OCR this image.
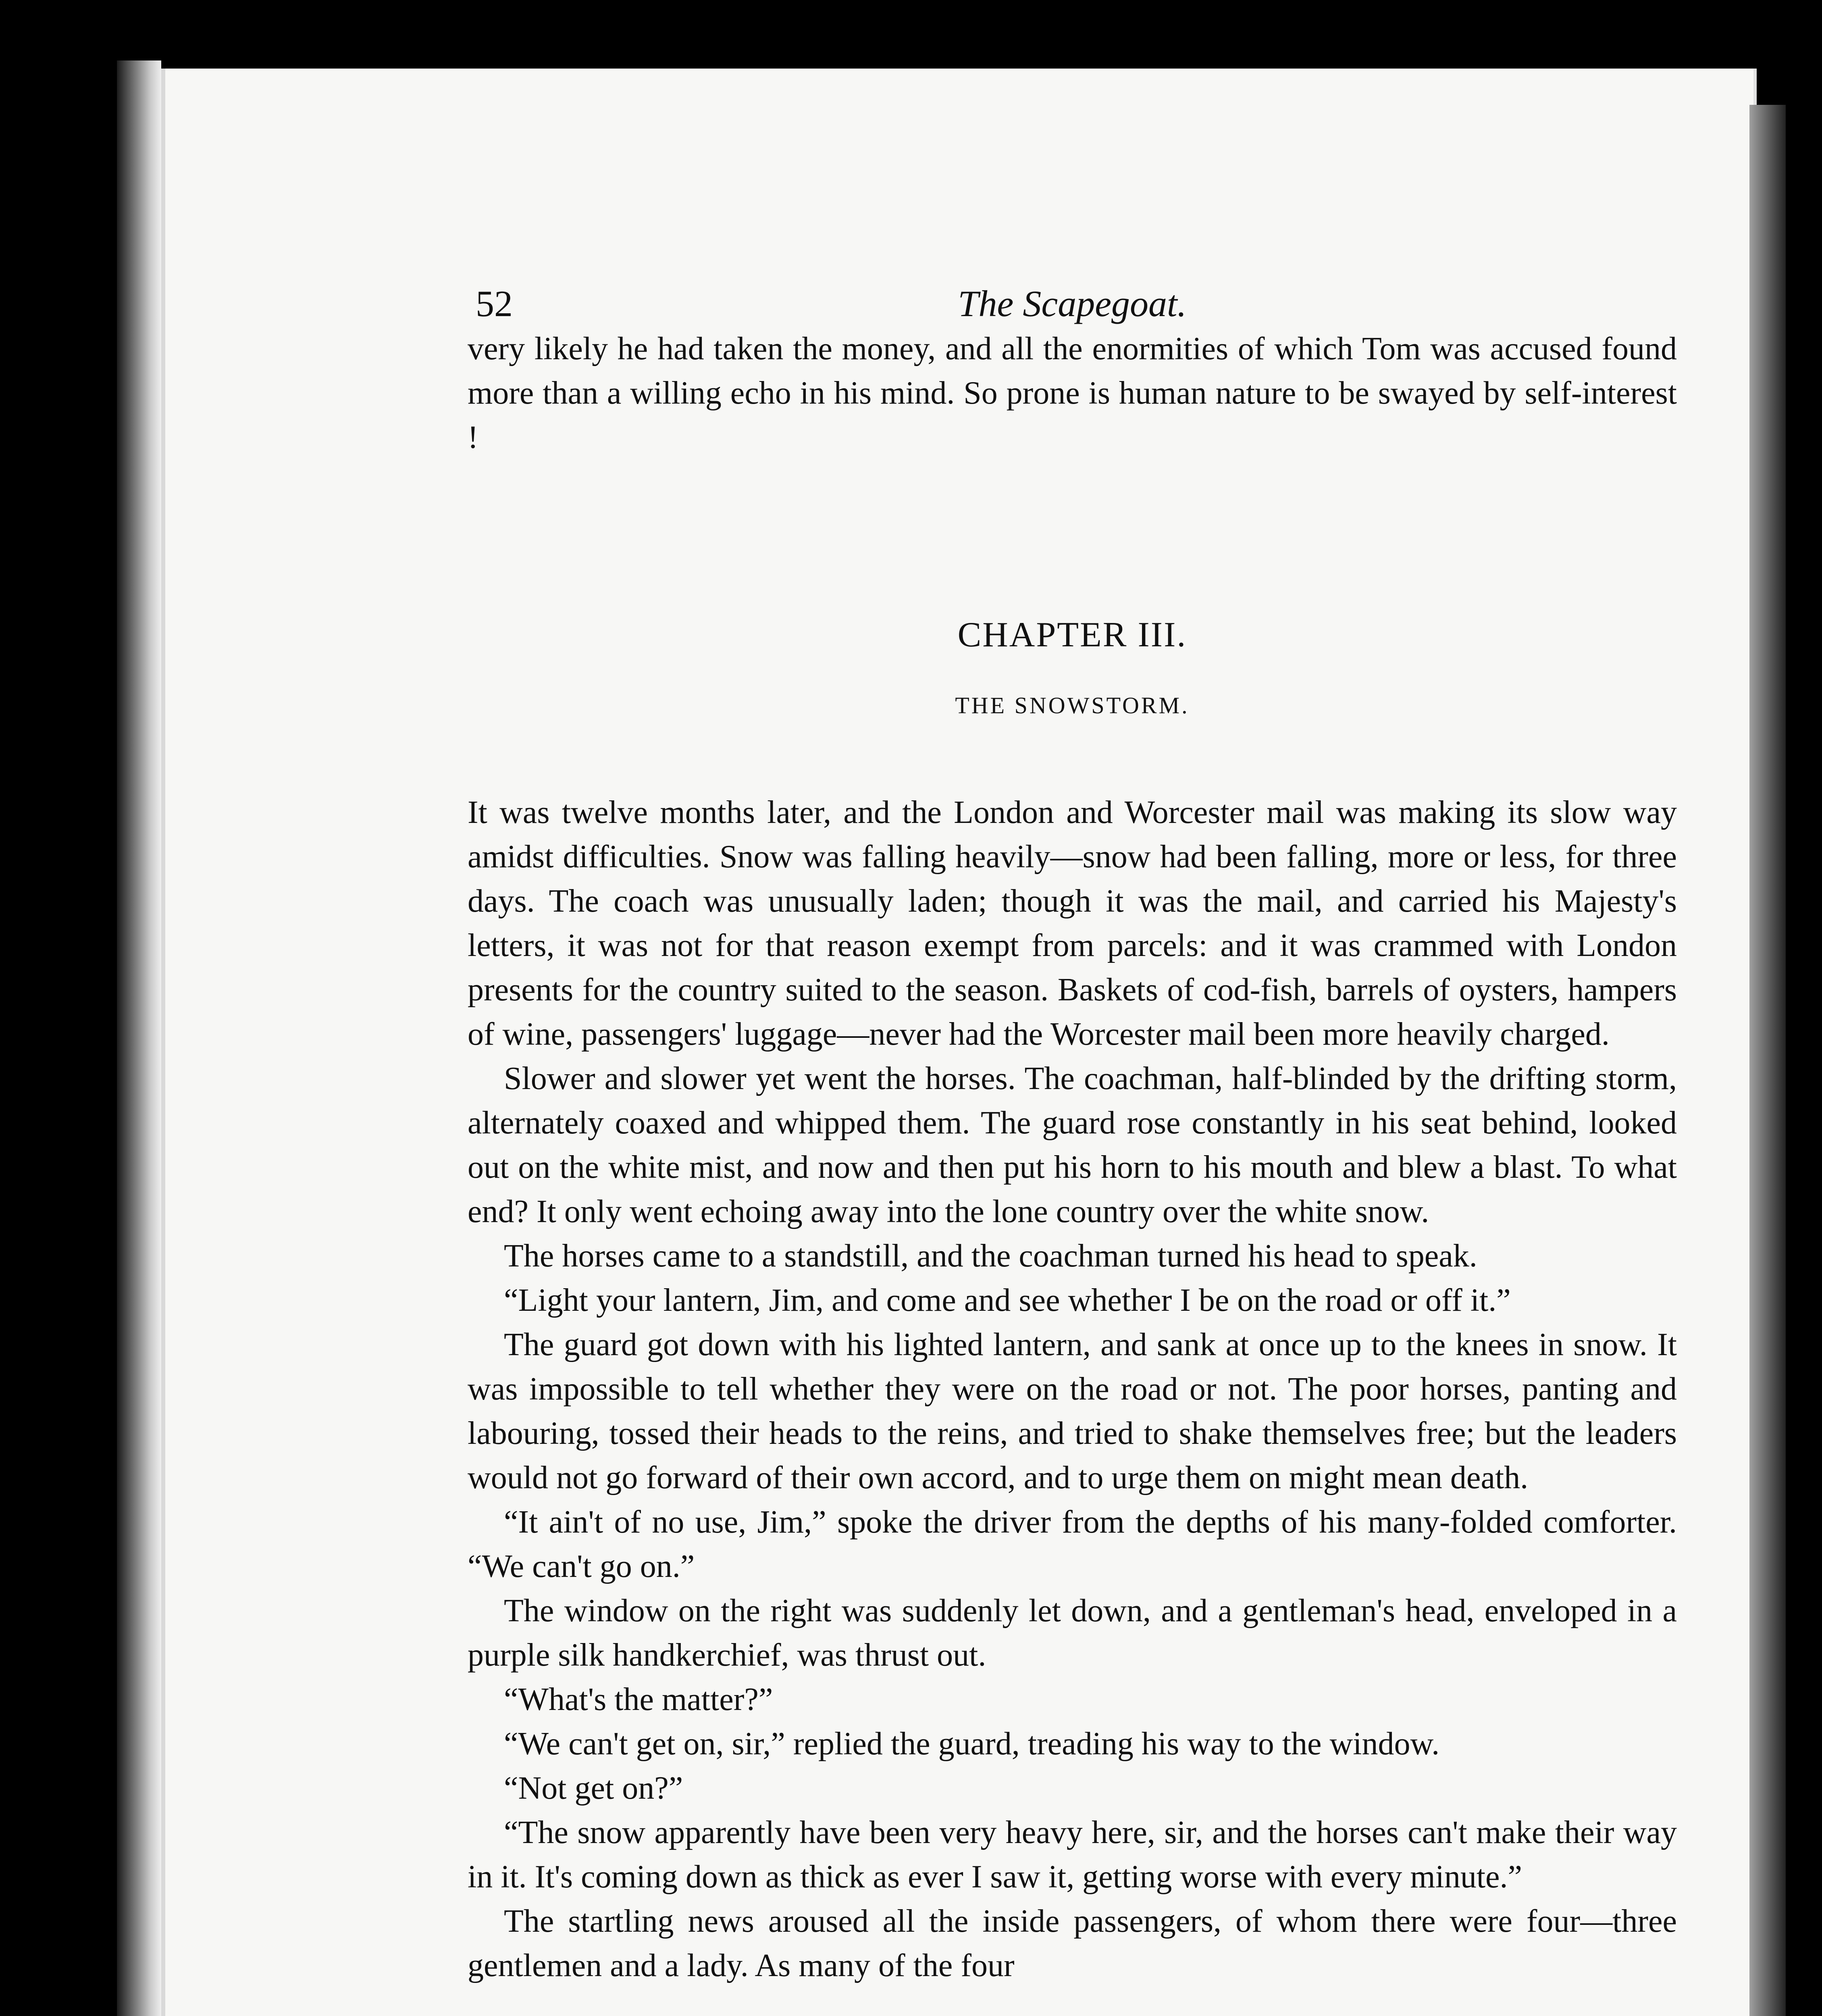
52	The Scapegoat.

very likely he had taken the money, and all the enormities of which Tom was accused found more than a willing echo in his mind. So prone is human nature to be swayed by self-interest !

CHAPTER III.
THE SNOWSTORM.

It was twelve months later, and the London and Worcester mail was making its slow way amidst difficulties. Snow was falling heavily—snow had been falling, more or less, for three days. The coach was unusually laden; though it was the mail, and carried his Majesty's letters, it was not for that reason exempt from parcels: and it was crammed with London presents for the country suited to the season. Baskets of cod-fish, barrels of oysters, hampers of wine, passengers' luggage—never had the Worcester mail been more heavily charged.

Slower and slower yet went the horses. The coachman, half-blinded by the drifting storm, alternately coaxed and whipped them. The guard rose constantly in his seat behind, looked out on the white mist, and now and then put his horn to his mouth and blew a blast. To what end? It only went echoing away into the lone country over the white snow.

The horses came to a standstill, and the coachman turned his head to speak.

“Light your lantern, Jim, and come and see whether I be on the road or off it.”

The guard got down with his lighted lantern, and sank at once up to the knees in snow. It was impossible to tell whether they were on the road or not. The poor horses, panting and labouring, tossed their heads to the reins, and tried to shake themselves free; but the leaders would not go forward of their own accord, and to urge them on might mean death.

“It ain't of no use, Jim,” spoke the driver from the depths of his many-folded comforter. “We can't go on.”

The window on the right was suddenly let down, and a gentleman's head, enveloped in a purple silk handkerchief, was thrust out.

“What's the matter?”

“We can't get on, sir,” replied the guard, treading his way to the window.

“Not get on?”

“The snow apparently have been very heavy here, sir, and the horses can't make their way in it. It's coming down as thick as ever I saw it, getting worse with every minute.”

The startling news aroused all the inside passengers, of whom there were four—three gentlemen and a lady. As many of the four
